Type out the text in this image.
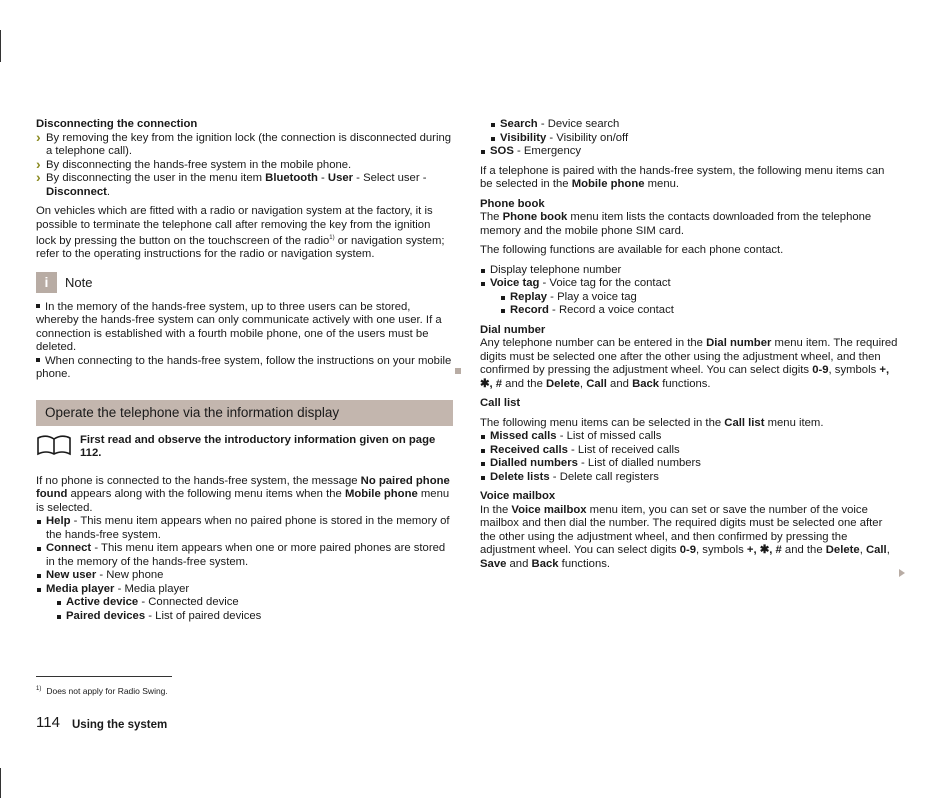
Disconnecting the connection

› By removing the key from the ignition lock (the connection is disconnected during a telephone call).
› By disconnecting the hands-free system in the mobile phone.
› By disconnecting the user in the menu item Bluetooth - User - Select user - Disconnect.

On vehicles which are fitted with a radio or navigation system at the factory, it is possible to terminate the telephone call after removing the key from the ignition lock by pressing the button on the touchscreen of the radio$^{1)}$ or navigation system; refer to the operating instructions for the radio or navigation system.

i	Note

In the memory of the hands-free system, up to three users can be stored, whereby the hands-free system can only communicate actively with one user. If a connection is established with a fourth mobile phone, one of the users must be deleted.

When connecting to the hands-free system, follow the instructions on your mobile phone.

Operate the telephone via the information display
First read and observe the introductory information given on page 112.

If no phone is connected to the hands-free system, the message No paired phone found appears along with the following menu items when the Mobile phone menu is selected.

Help - This menu item appears when no paired phone is stored in the memory of the hands-free system.
Connect - This menu item appears when one or more paired phones are stored in the memory of the hands-free system.
New user - New phone
Media player - Media player
Active device - Connected device
Paired devices - List of paired devices
Search - Device search
Visibility - Visibility on/off
SOS - Emergency

If a telephone is paired with the hands-free system, the following menu items can be selected in the Mobile phone menu.

Phone book

The Phone book menu item lists the contacts downloaded from the telephone memory and the mobile phone SIM card.

The following functions are available for each phone contact.

Display telephone number
Voice tag - Voice tag for the contact
Replay - Play a voice tag
Record - Record a voice contact

Dial number

Any telephone number can be entered in the Dial number menu item. The required digits must be selected one after the other using the adjustment wheel, and then confirmed by pressing the adjustment wheel. You can select digits 0-9, symbols +, ✱, # and the Delete, Call and Back functions.

Call list

The following menu items can be selected in the Call list menu item.

Missed calls - List of missed calls
Received calls - List of received calls
Dialled numbers - List of dialled numbers
Delete lists - Delete call registers

Voice mailbox

In the Voice mailbox menu item, you can set or save the number of the voice mailbox and then dial the number. The required digits must be selected one after the other using the adjustment wheel, and then confirmed by pressing the adjustment wheel. You can select digits 0-9, symbols +, ✱, # and the Delete, Call, Save and Back functions.

$^{1)}$ Does not apply for Radio Swing.
114 Using the system
